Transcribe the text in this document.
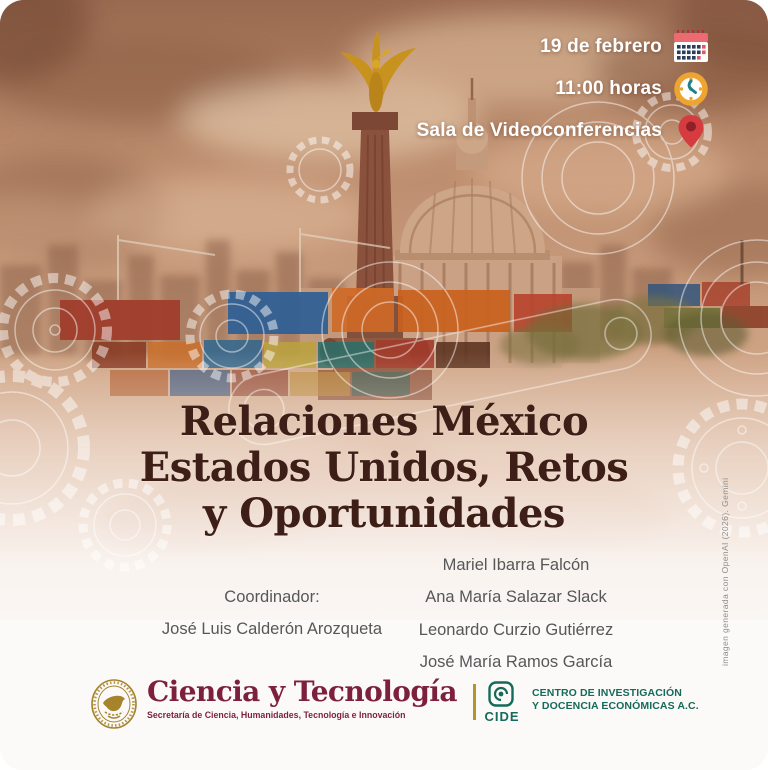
19 de febrero
11:00 horas
Sala de Videoconferencias
Relaciones México
Estados Unidos, Retos
y Oportunidades
Coordinador:
José Luis Calderón Arozqueta
Mariel Ibarra Falcón
Ana María Salazar Slack
Leonardo Curzio Gutiérrez
José María Ramos García	imagen generada con OpenAI (2026). Gemini
Ciencia y Tecnología
Secretaría de Ciencia, Humanidades, Tecnología e Innovación	CIDE
CENTRO DE INVESTIGACIÓN
Y DOCENCIA ECONÓMICAS A.C.
